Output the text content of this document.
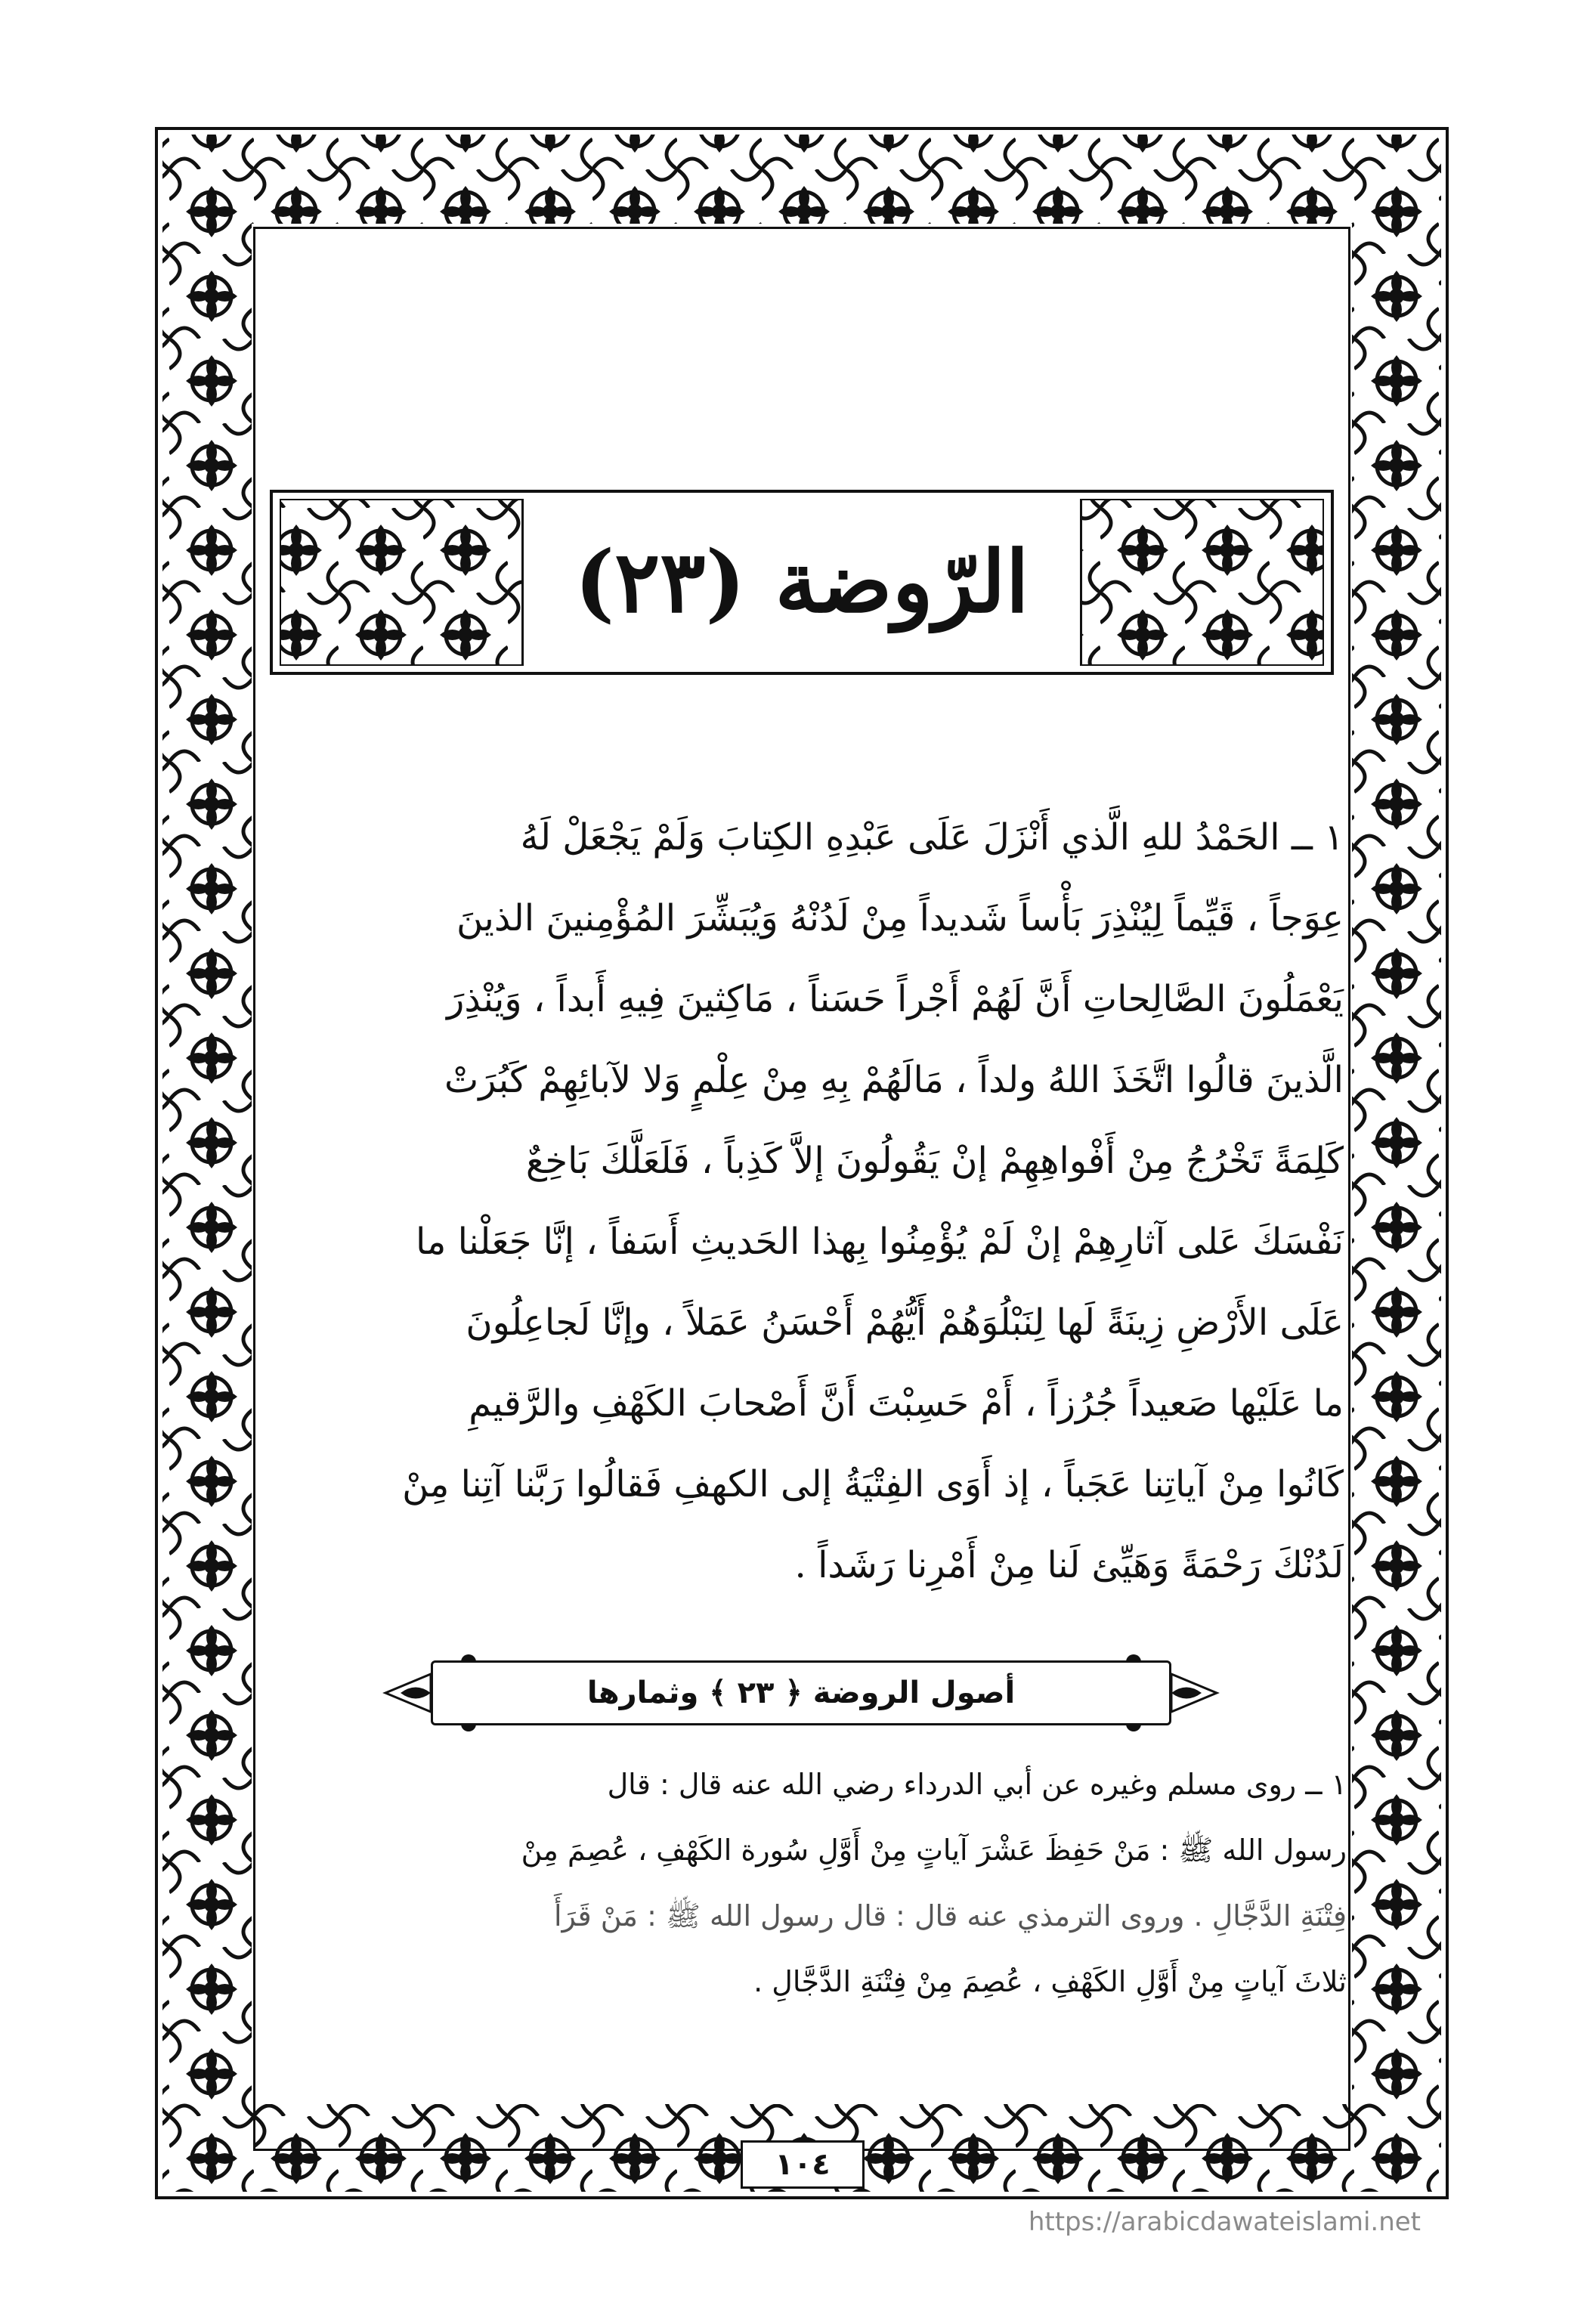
الرّوضة (٢٣)

١ ــ الحَمْدُ للهِ الَّذي أَنْزَلَ عَلَى عَبْدِهِ الكِتابَ وَلَمْ يَجْعَلْ لَهُ

عِوَجاً ، قَيِّماً لِيُنْذِرَ بَأْساً شَديداً مِنْ لَدُنْهُ وَيُبَشِّرَ المُؤْمِنينَ الذينَ

يَعْمَلُونَ الصَّالِحاتِ أَنَّ لَهُمْ أَجْراً حَسَناً ، مَاكِثينَ فِيهِ أَبداً ، وَيُنْذِرَ

الَّذينَ قالُوا اتَّخَذَ اللهُ ولداً ، مَالَهُمْ بِهِ مِنْ عِلْمٍ وَلا لآبائِهِمْ كَبُرَتْ

كَلِمَةً تَخْرُجُ مِنْ أَفْواهِهِمْ إنْ يَقُولُونَ إلاَّ كَذِباً ، فَلَعَلَّكَ بَاخِعٌ

نَفْسَكَ عَلى آثارِهِمْ إنْ لَمْ يُؤْمِنُوا بِهذا الحَديثِ أَسَفاً ، إنَّا جَعَلْنا ما

عَلَى الأَرْضِ زِينَةً لَها لِنَبْلُوَهُمْ أَيُّهُمْ أَحْسَنُ عَمَلاً ، وإنَّا لَجاعِلُونَ

ما عَلَيْها صَعيداً جُرُزاً ، أَمْ حَسِبْتَ أَنَّ أَصْحابَ الكَهْفِ والرَّقيمِ

كَانُوا مِنْ آياتِنا عَجَباً ، إذ أَوَى الفِتْيَةُ إلى الكهفِ فَقالُوا رَبَّنا آتِنا مِنْ

لَدُنْكَ رَحْمَةً وَهَيِّئ لَنا مِنْ أَمْرِنا رَشَداً .

أصول الروضة ﴿ ٢٣ ﴾ وثمارها

١ ــ روى مسلم وغيره عن أبي الدرداء رضي الله عنه قال : قال

رسول الله ﷺ : مَنْ حَفِظَ عَشْرَ آياتٍ مِنْ أَوَّلِ سُورة الكَهْفِ ، عُصِمَ مِنْ

فِتْنَةِ الدَّجَّالِ . وروى الترمذي عنه قال : قال رسول الله ﷺ : مَنْ قَرَأَ

ثلاثَ آياتٍ مِنْ أَوَّلِ الكَهْفِ ، عُصِمَ مِنْ فِتْنَةِ الدَّجَّالِ .

١٠٤
https://arabicdawateislami.net
